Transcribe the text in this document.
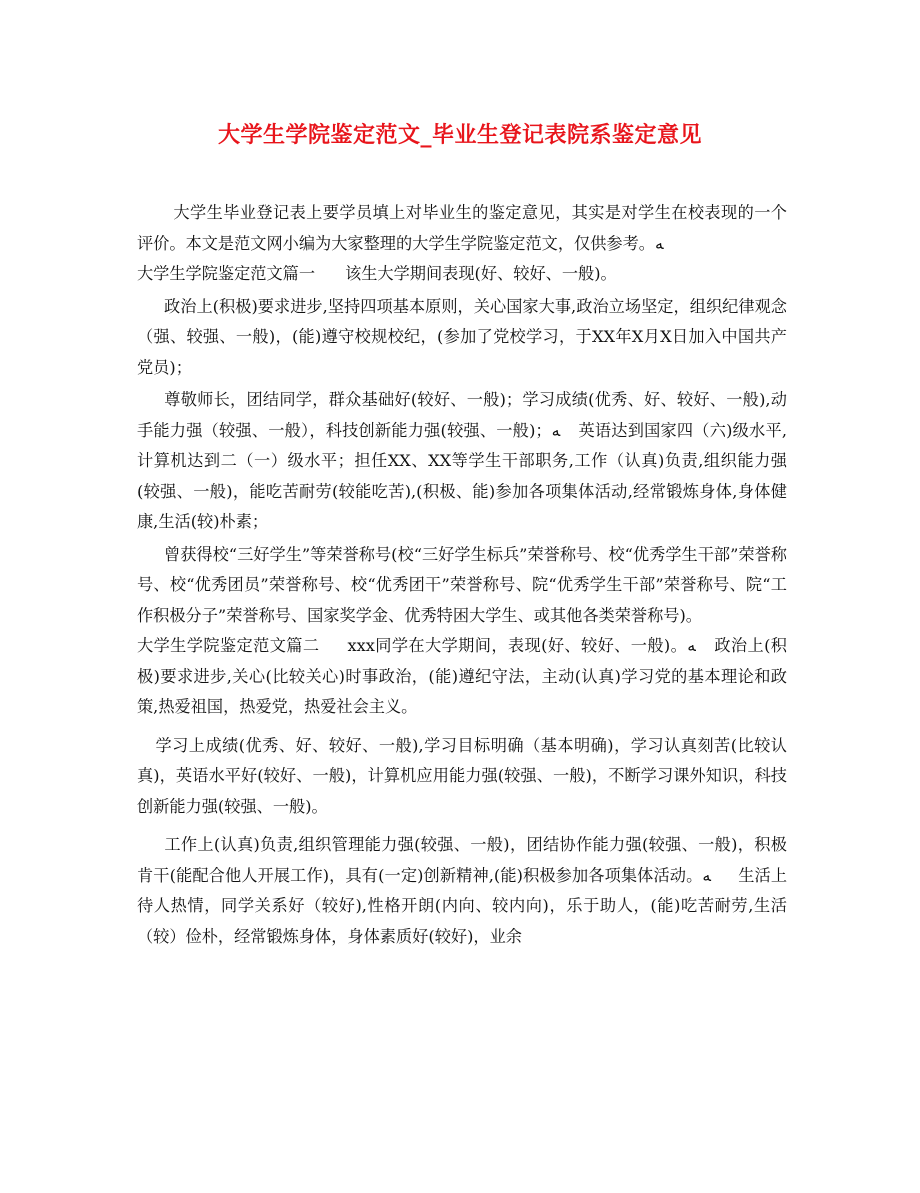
大学生学院鉴定范文_毕业生登记表院系鉴定意见

大学生毕业登记表上要学员填上对毕业生的鉴定意见，其实是对学生在校表现的一个评价。本文是范文网小编为大家整理的大学生学院鉴定范文，仅供参考。ﻪ

大学生学院鉴定范文篇一 该生大学期间表现(好、较好、一般)。

政治上(积极)要求进步,坚持四项基本原则，关心国家大事,政治立场坚定，组织纪律观念（强、较强、一般)，(能)遵守校规校纪，(参加了党校学习，于XX年X月X日加入中国共产党员)；

尊敬师长，团结同学，群众基础好(较好、一般)；学习成绩(优秀、好、较好、一般),动手能力强（较强、一般），科技创新能力强(较强、一般)；ﻪ 英语达到国家四（六)级水平,计算机达到二（一）级水平；担任XX、XX等学生干部职务,工作（认真)负责,组织能力强(较强、一般)，能吃苦耐劳(较能吃苦),(积极、能)参加各项集体活动,经常锻炼身体,身体健康,生活(较)朴素；

曾获得校“三好学生”等荣誉称号(校“三好学生标兵”荣誉称号、校“优秀学生干部”荣誉称号、校“优秀团员”荣誉称号、校“优秀团干”荣誉称号、院“优秀学生干部”荣誉称号、院“工作积极分子”荣誉称号、国家奖学金、优秀特困大学生、或其他各类荣誉称号)。

大学生学院鉴定范文篇二 xxx同学在大学期间，表现(好、较好、一般)。ﻪ 政治上(积极)要求进步,关心(比较关心)时事政治，(能)遵纪守法，主动(认真)学习党的基本理论和政策,热爱祖国，热爱党，热爱社会主义。

学习上成绩(优秀、好、较好、一般),学习目标明确（基本明确)，学习认真刻苦(比较认真)，英语水平好(较好、一般)，计算机应用能力强(较强、一般)，不断学习课外知识，科技创新能力强(较强、一般)。

工作上(认真)负责,组织管理能力强(较强、一般)，团结协作能力强(较强、一般)，积极肯干(能配合他人开展工作)，具有(一定)创新精神,(能)积极参加各项集体活动。ﻪ 生活上待人热情，同学关系好（较好),性格开朗(内向、较内向)，乐于助人，(能)吃苦耐劳,生活（较）俭朴，经常锻炼身体，身体素质好(较好)，业余
